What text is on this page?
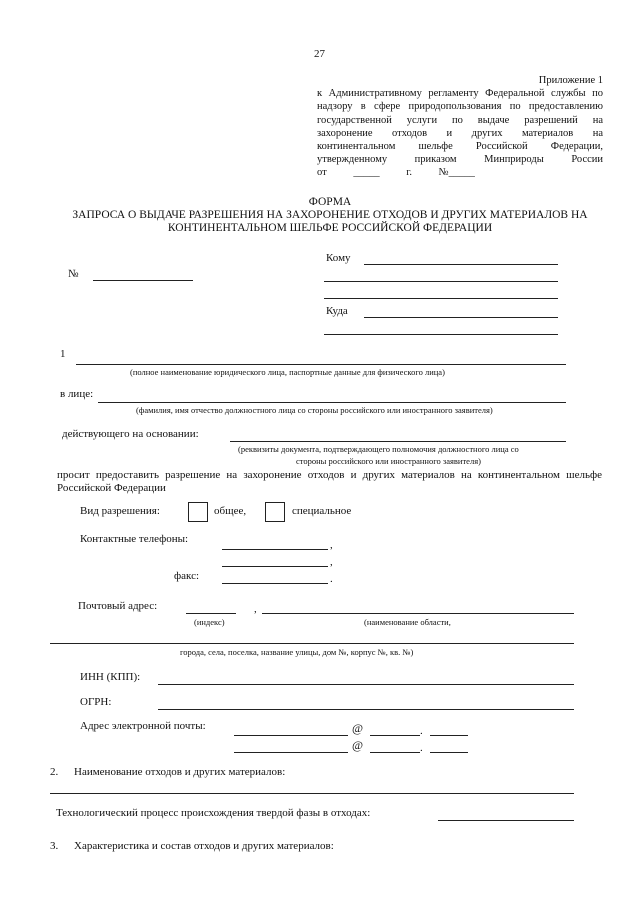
27
Приложение 1
к Административному регламенту Федеральной службы по
надзору в сфере природопользования по предоставлению
государственной услуги по выдаче разрешений на
захоронение отходов и других материалов на
континентальном шельфе Российской Федерации,
утвержденному приказом Минприроды России
от _____ г. №_____
ФОРМА
ЗАПРОСА О ВЫДАЧЕ РАЗРЕШЕНИЯ НА ЗАХОРОНЕНИЕ ОТХОДОВ И ДРУГИХ МАТЕРИАЛОВ НА
КОНТИНЕНТАЛЬНОМ ШЕЛЬФЕ РОССИЙСКОЙ ФЕДЕРАЦИИ
№
Кому
Куда
1
(полное наименование юридического лица, паспортные данные для физического лица)
в лице:
(фамилия, имя отчество должностного лица со стороны российского или иностранного заявителя)
действующего на основании:
(реквизиты документа, подтверждающего полномочия должностного лица со
стороны российского или иностранного заявителя)
просит предоставить разрешение на захоронение отходов и других материалов на континентальном шельфе
Российской Федерации
Вид разрешения:	общее,	специальное
Контактные телефоны:	,
,
факс:	.
Почтовый адрес:	,
(индекс)	(наименование области,
города, села, поселка, название улицы, дом №, корпус №, кв. №)
ИНН (КПП):
ОГРН:
Адрес электронной почты:	@	.
@	.
2. Наименование отходов и других материалов:
Технологический процесс происхождения твердой фазы в отходах:
3. Характеристика и состав отходов и других материалов:
